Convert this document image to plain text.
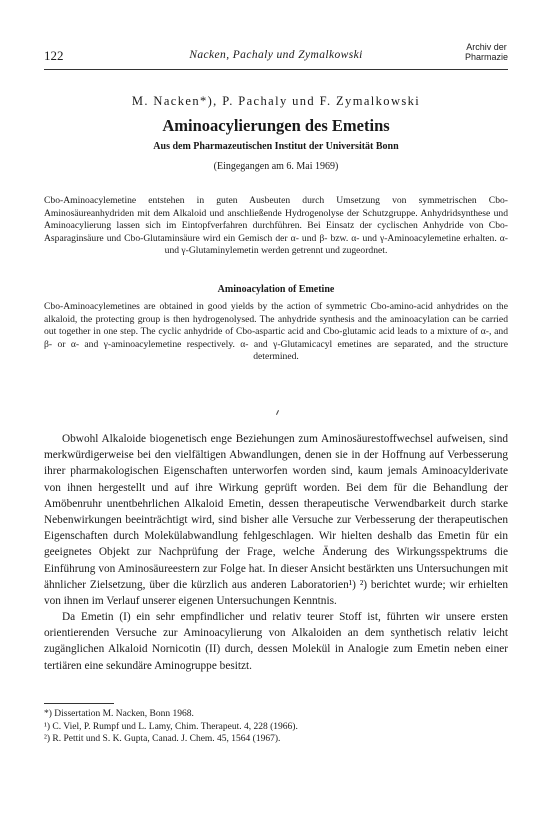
122	Nacken, Pachaly und Zymalkowski
Archiv der
Pharmazie
M. Nacken*), P. Pachaly und F. Zymalkowski
Aminoacylierungen des Emetins
Aus dem Pharmazeutischen Institut der Universität Bonn
(Eingegangen am 6. Mai 1969)
Cbo-Aminoacylemetine entstehen in guten Ausbeuten durch Umsetzung von symmetrischen Cbo-Aminosäureanhydriden mit dem Alkaloid und anschließende Hydrogenolyse der Schutzgruppe. Anhydridsynthese und Aminoacylierung lassen sich im Eintopfverfahren durchführen. Bei Einsatz der cyclischen Anhydride von Cbo-Asparaginsäure und Cbo-Glutaminsäure wird ein Gemisch der α- und β- bzw. α- und γ-Aminoacylemetine erhalten. α- und γ-Glutaminylemetin werden getrennt und zugeordnet.
Aminoacylation of Emetine
Cbo-Aminoacylemetines are obtained in good yields by the action of symmetric Cbo-amino-acid anhydrides on the alkaloid, the protecting group is then hydrogenolysed. The anhydride synthesis and the aminoacylation can be carried out together in one step. The cyclic anhydride of Cbo-aspartic acid and Cbo-glutamic acid leads to a mixture of α-, and β- or α- and γ-aminoacylemetine respectively. α- and γ-Glutamicacyl emetines are separated, and the structure determined.

Obwohl Alkaloide biogenetisch enge Beziehungen zum Aminosäurestoffwechsel aufweisen, sind merkwürdigerweise bei den vielfältigen Abwandlungen, denen sie in der Hoffnung auf Verbesserung ihrer pharmakologischen Eigenschaften unterworfen worden sind, kaum jemals Aminoacylderivate von ihnen hergestellt und auf ihre Wirkung geprüft worden. Bei dem für die Behandlung der Amöbenruhr unentbehrlichen Alkaloid Emetin, dessen therapeutische Verwendbarkeit durch starke Nebenwirkungen beeinträchtigt wird, sind bisher alle Versuche zur Verbesserung der therapeutischen Eigenschaften durch Molekülabwandlung fehlgeschlagen. Wir hielten deshalb das Emetin für ein geeignetes Objekt zur Nachprüfung der Frage, welche Änderung des Wirkungsspektrums die Einführung von Aminosäureestern zur Folge hat. In dieser Ansicht bestärkten uns Untersuchungen mit ähnlicher Zielsetzung, über die kürzlich aus anderen Laboratorien¹) ²) berichtet wurde; wir erhielten von ihnen im Verlauf unserer eigenen Untersuchungen Kenntnis.

Da Emetin (I) ein sehr empfindlicher und relativ teurer Stoff ist, führten wir unsere ersten orientierenden Versuche zur Aminoacylierung von Alkaloiden an dem synthetisch relativ leicht zugänglichen Alkaloid Nornicotin (II) durch, dessen Molekül in Analogie zum Emetin neben einer tertiären eine sekundäre Aminogruppe besitzt.

*) Dissertation M. Nacken, Bonn 1968.
¹) C. Viel, P. Rumpf und L. Lamy, Chim. Therapeut. 4, 228 (1966).
²) R. Pettit und S. K. Gupta, Canad. J. Chem. 45, 1564 (1967).
